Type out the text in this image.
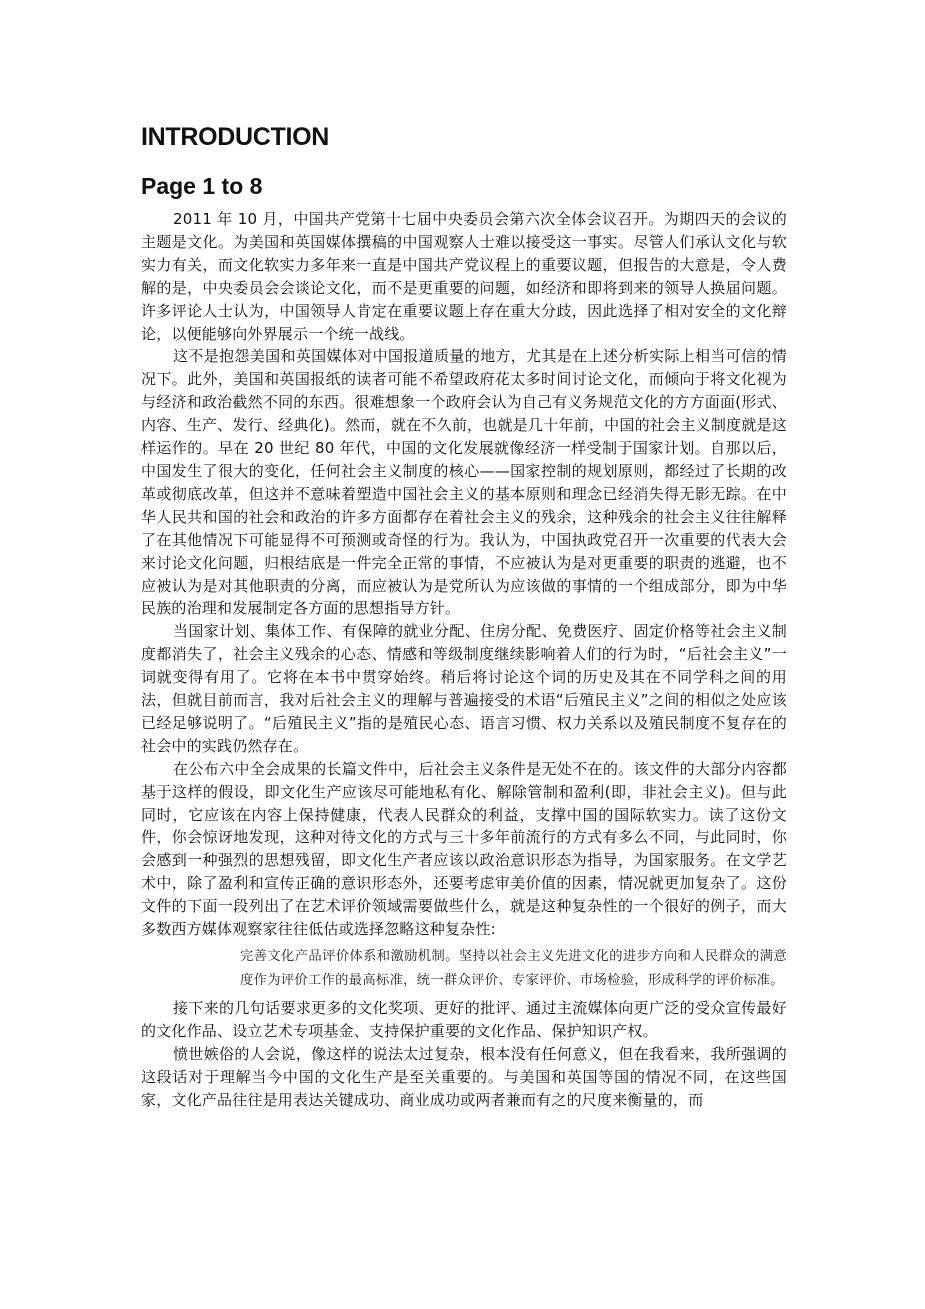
INTRODUCTION
Page 1 to 8

2011 年 10 月，中国共产党第十七届中央委员会第六次全体会议召开。为期四天的会议的主题是文化。为美国和英国媒体撰稿的中国观察人士难以接受这一事实。尽管人们承认文化与软实力有关，而文化软实力多年来一直是中国共产党议程上的重要议题，但报告的大意是，令人费解的是，中央委员会会谈论文化，而不是更重要的问题，如经济和即将到来的领导人换届问题。许多评论人士认为，中国领导人肯定在重要议题上存在重大分歧，因此选择了相对安全的文化辩论，以便能够向外界展示一个统一战线。

这不是抱怨美国和英国媒体对中国报道质量的地方，尤其是在上述分析实际上相当可信的情况下。此外，美国和英国报纸的读者可能不希望政府花太多时间讨论文化，而倾向于将文化视为与经济和政治截然不同的东西。很难想象一个政府会认为自己有义务规范文化的方方面面(形式、内容、生产、发行、经典化)。然而，就在不久前，也就是几十年前，中国的社会主义制度就是这样运作的。早在 20 世纪 80 年代，中国的文化发展就像经济一样受制于国家计划。自那以后，中国发生了很大的变化，任何社会主义制度的核心——国家控制的规划原则，都经过了长期的改革或彻底改革，但这并不意味着塑造中国社会主义的基本原则和理念已经消失得无影无踪。在中华人民共和国的社会和政治的许多方面都存在着社会主义的残余，这种残余的社会主义往往解释了在其他情况下可能显得不可预测或奇怪的行为。我认为，中国执政党召开一次重要的代表大会来讨论文化问题，归根结底是一件完全正常的事情，不应被认为是对更重要的职责的逃避，也不应被认为是对其他职责的分离，而应被认为是党所认为应该做的事情的一个组成部分，即为中华民族的治理和发展制定各方面的思想指导方针。

当国家计划、集体工作、有保障的就业分配、住房分配、免费医疗、固定价格等社会主义制度都消失了，社会主义残余的心态、情感和等级制度继续影响着人们的行为时，“后社会主义”一词就变得有用了。它将在本书中贯穿始终。稍后将讨论这个词的历史及其在不同学科之间的用法，但就目前而言，我对后社会主义的理解与普遍接受的术语“后殖民主义”之间的相似之处应该已经足够说明了。“后殖民主义”指的是殖民心态、语言习惯、权力关系以及殖民制度不复存在的社会中的实践仍然存在。

在公布六中全会成果的长篇文件中，后社会主义条件是无处不在的。该文件的大部分内容都基于这样的假设，即文化生产应该尽可能地私有化、解除管制和盈利(即，非社会主义)。但与此同时，它应该在内容上保持健康，代表人民群众的利益，支撑中国的国际软实力。读了这份文件，你会惊讶地发现，这种对待文化的方式与三十多年前流行的方式有多么不同，与此同时，你会感到一种强烈的思想残留，即文化生产者应该以政治意识形态为指导，为国家服务。在文学艺术中，除了盈利和宣传正确的意识形态外，还要考虑审美价值的因素，情况就更加复杂了。这份文件的下面一段列出了在艺术评价领域需要做些什么，就是这种复杂性的一个很好的例子，而大多数西方媒体观察家往往低估或选择忽略这种复杂性:

完善文化产品评价体系和激励机制。坚持以社会主义先进文化的进步方向和人民群众的满意度作为评价工作的最高标准，统一群众评价、专家评价、市场检验，形成科学的评价标准。

接下来的几句话要求更多的文化奖项、更好的批评、通过主流媒体向更广泛的受众宣传最好的文化作品、设立艺术专项基金、支持保护重要的文化作品、保护知识产权。

愤世嫉俗的人会说，像这样的说法太过复杂，根本没有任何意义，但在我看来，我所强调的这段话对于理解当今中国的文化生产是至关重要的。与美国和英国等国的情况不同，在这些国家，文化产品往往是用表达关键成功、商业成功或两者兼而有之的尺度来衡量的，而
